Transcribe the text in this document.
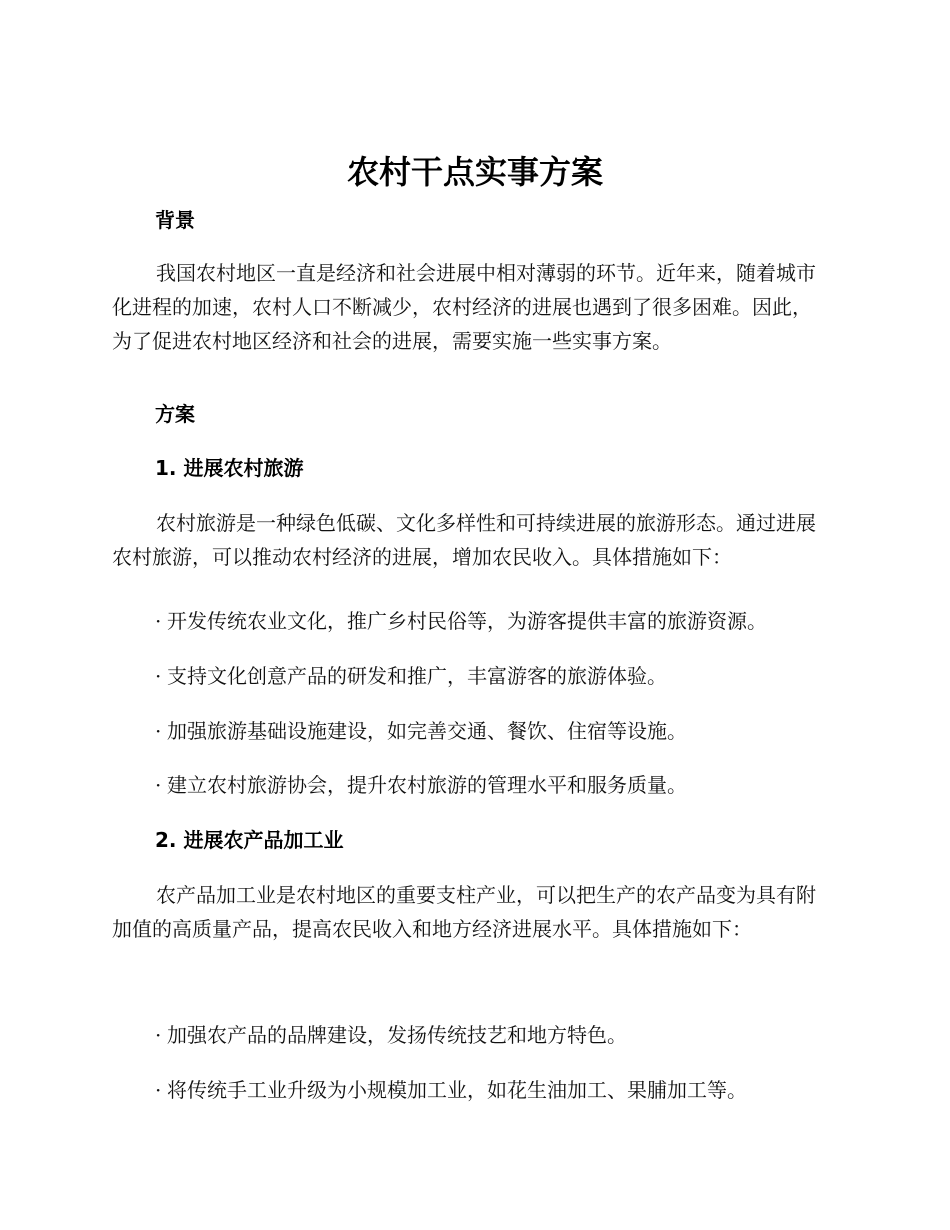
农村干点实事方案
背景

我国农村地区一直是经济和社会进展中相对薄弱的环节。近年来，随着城市化进程的加速，农村人口不断减少，农村经济的进展也遇到了很多困难。因此，为了促进农村地区经济和社会的进展，需要实施一些实事方案。

方案
1. 进展农村旅游

农村旅游是一种绿色低碳、文化多样性和可持续进展的旅游形态。通过进展农村旅游，可以推动农村经济的进展，增加农民收入。具体措施如下：

· 开发传统农业文化，推广乡村民俗等，为游客提供丰富的旅游资源。
· 支持文化创意产品的研发和推广，丰富游客的旅游体验。
· 加强旅游基础设施建设，如完善交通、餐饮、住宿等设施。
· 建立农村旅游协会，提升农村旅游的管理水平和服务质量。
2. 进展农产品加工业

农产品加工业是农村地区的重要支柱产业，可以把生产的农产品变为具有附加值的高质量产品，提高农民收入和地方经济进展水平。具体措施如下：

· 加强农产品的品牌建设，发扬传统技艺和地方特色。
· 将传统手工业升级为小规模加工业，如花生油加工、果脯加工等。
